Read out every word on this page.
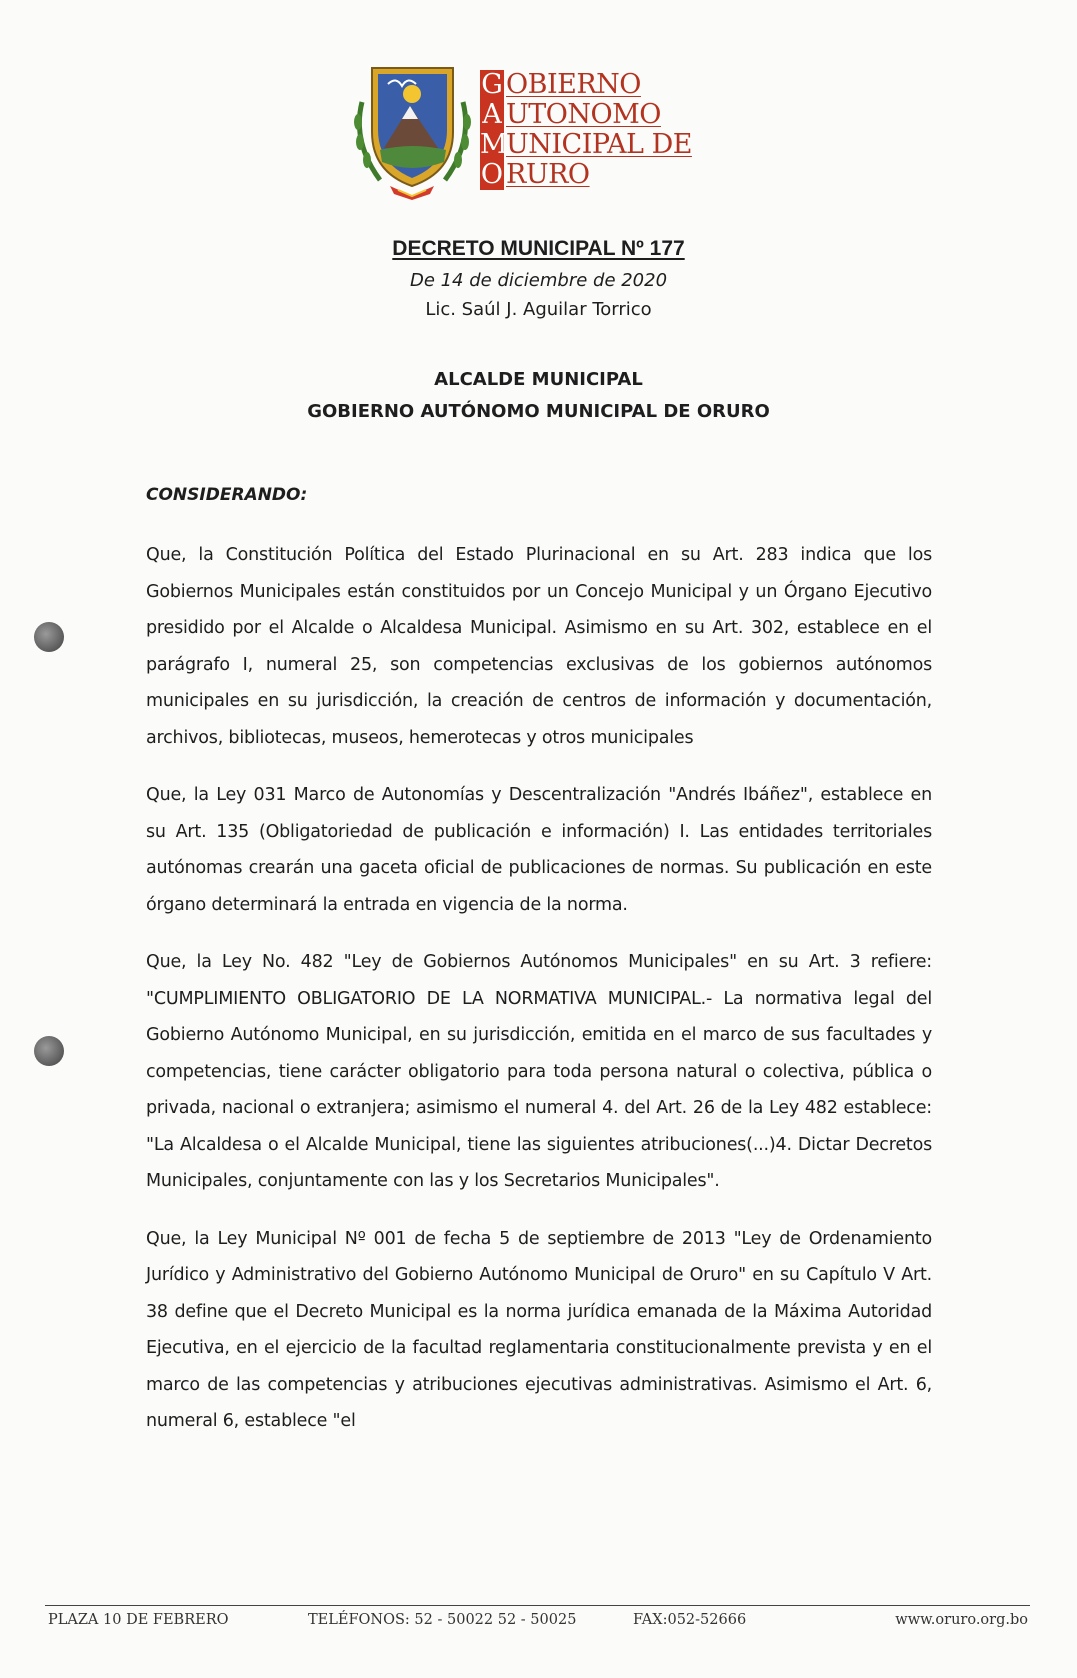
G OBIERNO
A UTONOMO
M
UNICIPAL DE
O RURO
DECRETO MUNICIPAL Nº 177
De 14 de diciembre de 2020
Lic. Saúl J. Aguilar Torrico
ALCALDE MUNICIPAL
GOBIERNO AUTÓNOMO MUNICIPAL DE ORURO
CONSIDERANDO:

Que, la Constitución Política del Estado Plurinacional en su Art. 283 indica que los Gobiernos Municipales están constituidos por un Concejo Municipal y un Órgano Ejecutivo presidido por el Alcalde o Alcaldesa Municipal. Asimismo en su Art. 302, establece en el parágrafo I, numeral 25, son competencias exclusivas de los gobiernos autónomos municipales en su jurisdicción, la creación de centros de información y documentación, archivos, bibliotecas, museos, hemerotecas y otros municipales

Que, la Ley 031 Marco de Autonomías y Descentralización "Andrés Ibáñez", establece en su Art. 135 (Obligatoriedad de publicación e información) I. Las entidades territoriales autónomas crearán una gaceta oficial de publicaciones de normas. Su publicación en este órgano determinará la entrada en vigencia de la norma.

Que, la Ley No. 482 "Ley de Gobiernos Autónomos Municipales" en su Art. 3 refiere: "CUMPLIMIENTO OBLIGATORIO DE LA NORMATIVA MUNICIPAL.- La normativa legal del Gobierno Autónomo Municipal, en su jurisdicción, emitida en el marco de sus facultades y competencias, tiene carácter obligatorio para toda persona natural o colectiva, pública o privada, nacional o extranjera; asimismo el numeral 4. del Art. 26 de la Ley 482 establece: "La Alcaldesa o el Alcalde Municipal, tiene las siguientes atribuciones(...)4. Dictar Decretos Municipales, conjuntamente con las y los Secretarios Municipales".

Que, la Ley Municipal Nº 001 de fecha 5 de septiembre de 2013 "Ley de Ordenamiento Jurídico y Administrativo del Gobierno Autónomo Municipal de Oruro" en su Capítulo V Art. 38 define que el Decreto Municipal es la norma jurídica emanada de la Máxima Autoridad Ejecutiva, en el ejercicio de la facultad reglamentaria constitucionalmente prevista y en el marco de las competencias y atribuciones ejecutivas administrativas. Asimismo el Art. 6, numeral 6, establece "el

PLAZA 10 DE FEBRERO	TELÉFONOS: 52 - 50022 52 - 50025	FAX:052-52666	www.oruro.org.bo
